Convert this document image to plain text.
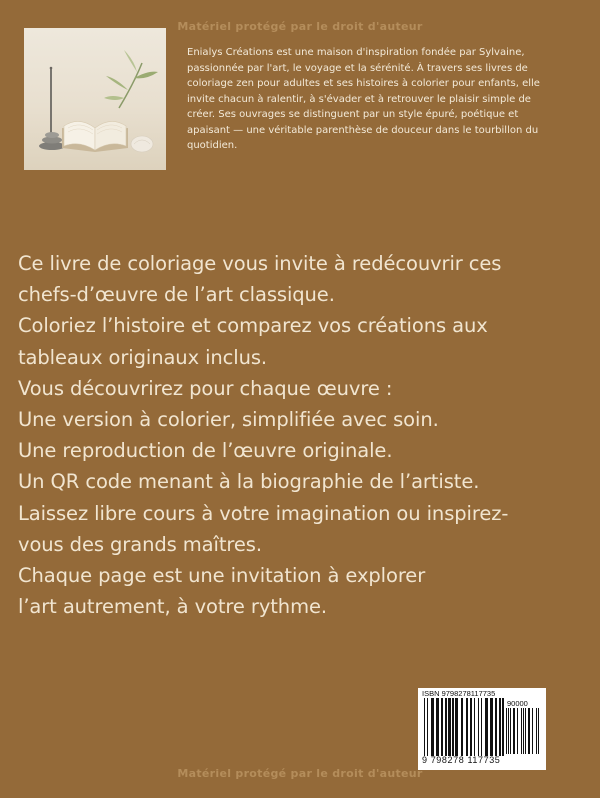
Matériel protégé par le droit d'auteur

Enialys Créations est une maison d'inspiration fondée par Sylvaine, passionnée par l'art, le voyage et la sérénité. À travers ses livres de coloriage zen pour adultes et ses histoires à colorier pour enfants, elle invite chacun à ralentir, à s'évader et à retrouver le plaisir simple de créer. Ses ouvrages se distinguent par un style épuré, poétique et apaisant — une véritable parenthèse de douceur dans le tourbillon du quotidien.

Ce livre de coloriage vous invite à redécouvrir ces
chefs-d’œuvre de l’art classique.
Coloriez l’histoire et comparez vos créations aux
tableaux originaux inclus.
Vous découvrirez pour chaque œuvre :
Une version à colorier, simplifiée avec soin.
Une reproduction de l’œuvre originale.
Un QR code menant à la biographie de l’artiste.
Laissez libre cours à votre imagination ou inspirez-
vous des grands maîtres.
Chaque page est une invitation à explorer
l’art autrement, à votre rythme.
ISBN 9798278117735
90000
9 798278 117735
Matériel protégé par le droit d'auteur
